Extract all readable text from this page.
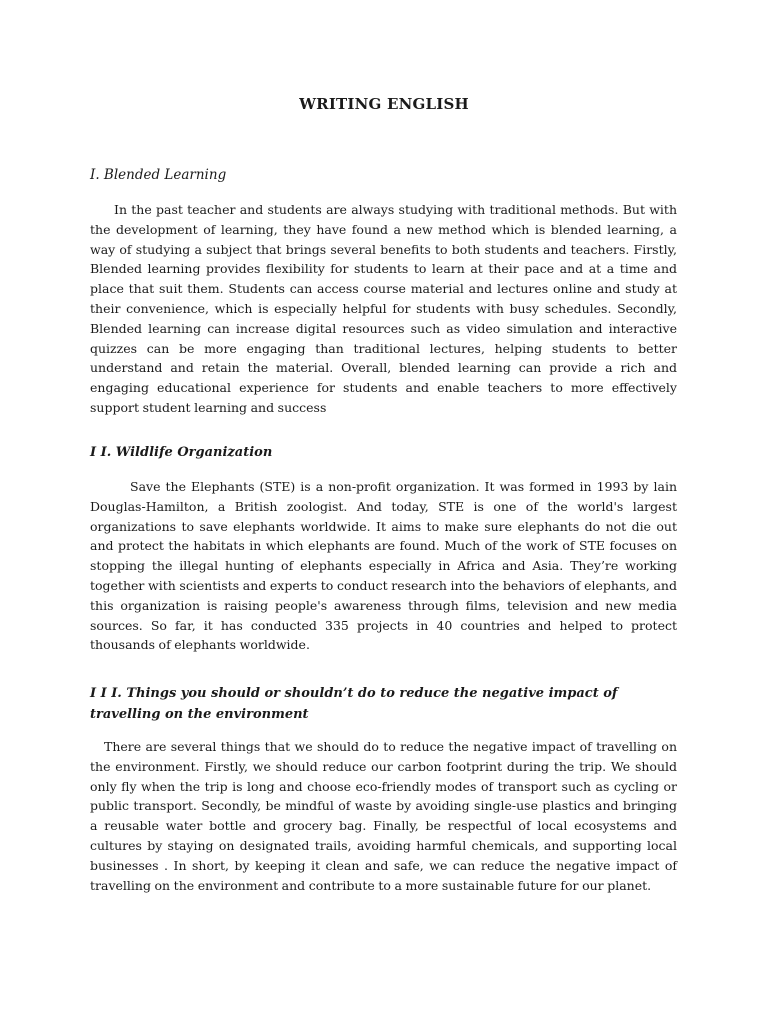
WRITING ENGLISH

I. Blended Learning

In the past teacher and students are always studying with traditional methods. But with the development of learning, they have found a new method which is blended learning, a way of studying a subject that brings several benefits to both students and teachers. Firstly, Blended learning provides flexibility for students to learn at their pace and at a time and place that suit them. Students can access course material and lectures online and study at their convenience, which is especially helpful for students with busy schedules. Secondly, Blended learning can increase digital resources such as video simulation and interactive quizzes can be more engaging than traditional lectures, helping students to better understand and retain the material. Overall, blended learning can provide a rich and engaging educational experience for students and enable teachers to more effectively support student learning and success

I I. Wildlife Organization

Save the Elephants (STE) is a non-profit organization. It was formed in 1993 by lain Douglas-Hamilton, a British zoologist. And today, STE is one of the world's largest organizations to save elephants worldwide. It aims to make sure elephants do not die out and protect the habitats in which elephants are found. Much of the work of STE focuses on stopping the illegal hunting of elephants especially in Africa and Asia. They’re working together with scientists and experts to conduct research into the behaviors of elephants, and this organization is raising people's awareness through films, television and new media sources. So far, it has conducted 335 projects in 40 countries and helped to protect thousands of elephants worldwide.

I I I. Things you should or shouldn’t do to reduce the negative impact of travelling on the environment

There are several things that we should do to reduce the negative impact of travelling on the environment. Firstly, we should reduce our carbon footprint during the trip. We should only fly when the trip is long and choose eco-friendly modes of transport such as cycling or public transport. Secondly, be mindful of waste by avoiding single-use plastics and bringing a reusable water bottle and grocery bag. Finally, be respectful of local ecosystems and cultures by staying on designated trails, avoiding harmful chemicals, and supporting local businesses . In short, by keeping it clean and safe, we can reduce the negative impact of travelling on the environment and contribute to a more sustainable future for our planet.
